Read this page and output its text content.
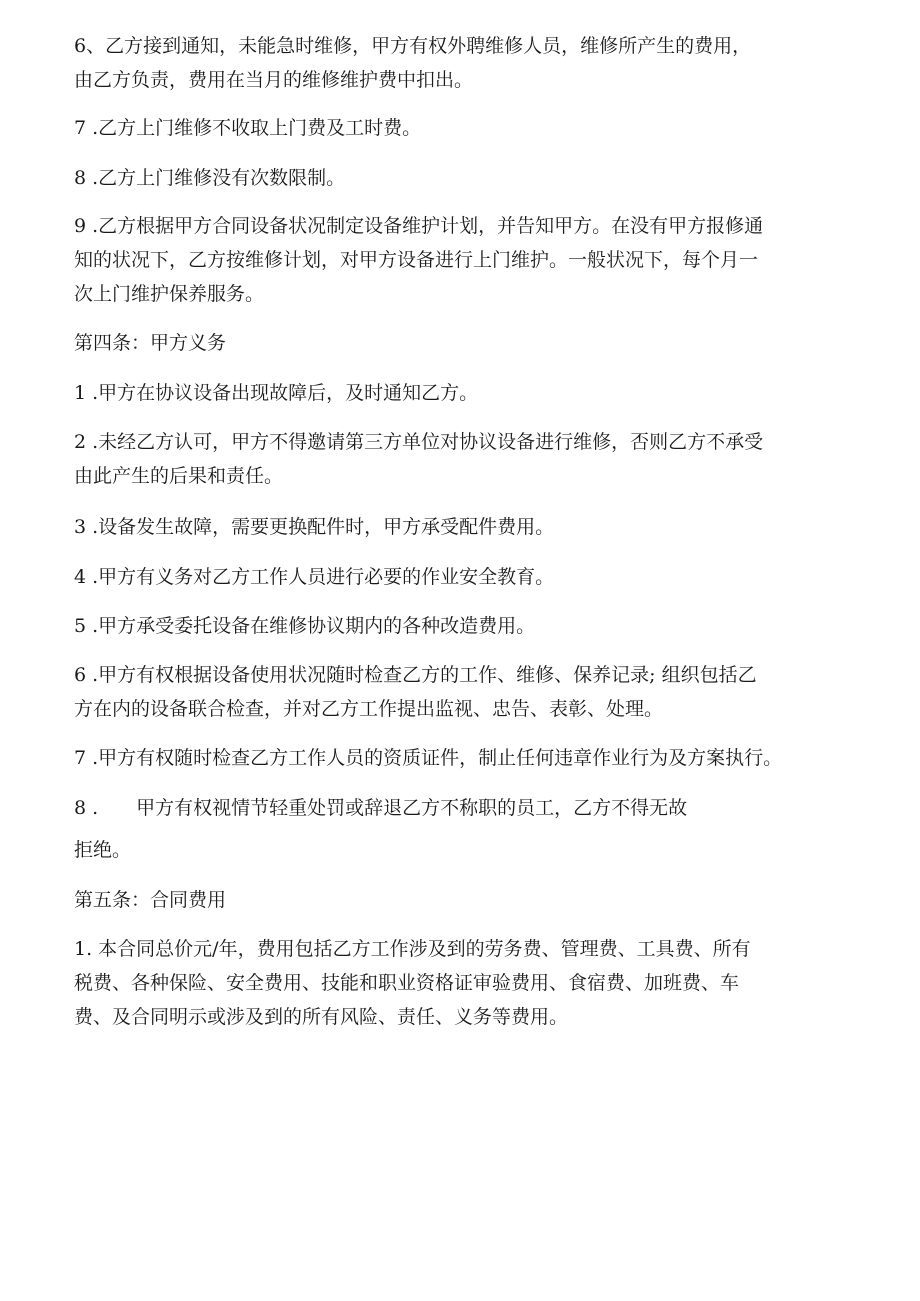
6、乙方接到通知，未能急时维修，甲方有权外聘维修人员，维修所产生的费用，
由乙方负责，费用在当月的维修维护费中扣出。

7 .乙方上门维修不收取上门费及工时费。

8 .乙方上门维修没有次数限制。

9 .乙方根据甲方合同设备状况制定设备维护计划，并告知甲方。在没有甲方报修通
知的状况下，乙方按维修计划，对甲方设备进行上门维护。一般状况下，每个月一
次上门维护保养服务。

第四条：甲方义务

1 .甲方在协议设备出现故障后，及时通知乙方。

2 .未经乙方认可，甲方不得邀请第三方单位对协议设备进行维修，否则乙方不承受
由此产生的后果和责任。

3 .设备发生故障，需要更换配件时，甲方承受配件费用。

4 .甲方有义务对乙方工作人员进行必要的作业安全教育。

5 .甲方承受委托设备在维修协议期内的各种改造费用。

6 .甲方有权根据设备使用状况随时检查乙方的工作、维修、保养记录; 组织包括乙
方在内的设备联合检查，并对乙方工作提出监视、忠告、表彰、处理。

7 .甲方有权随时检查乙方工作人员的资质证件，制止任何违章作业行为及方案执行。

8 .　　甲方有权视情节轻重处罚或辞退乙方不称职的员工，乙方不得无故

拒绝。

第五条：合同费用

1. 本合同总价元/年，费用包括乙方工作涉及到的劳务费、管理费、工具费、所有
税费、各种保险、安全费用、技能和职业资格证审验费用、食宿费、加班费、车
费、及合同明示或涉及到的所有风险、责任、义务等费用。
